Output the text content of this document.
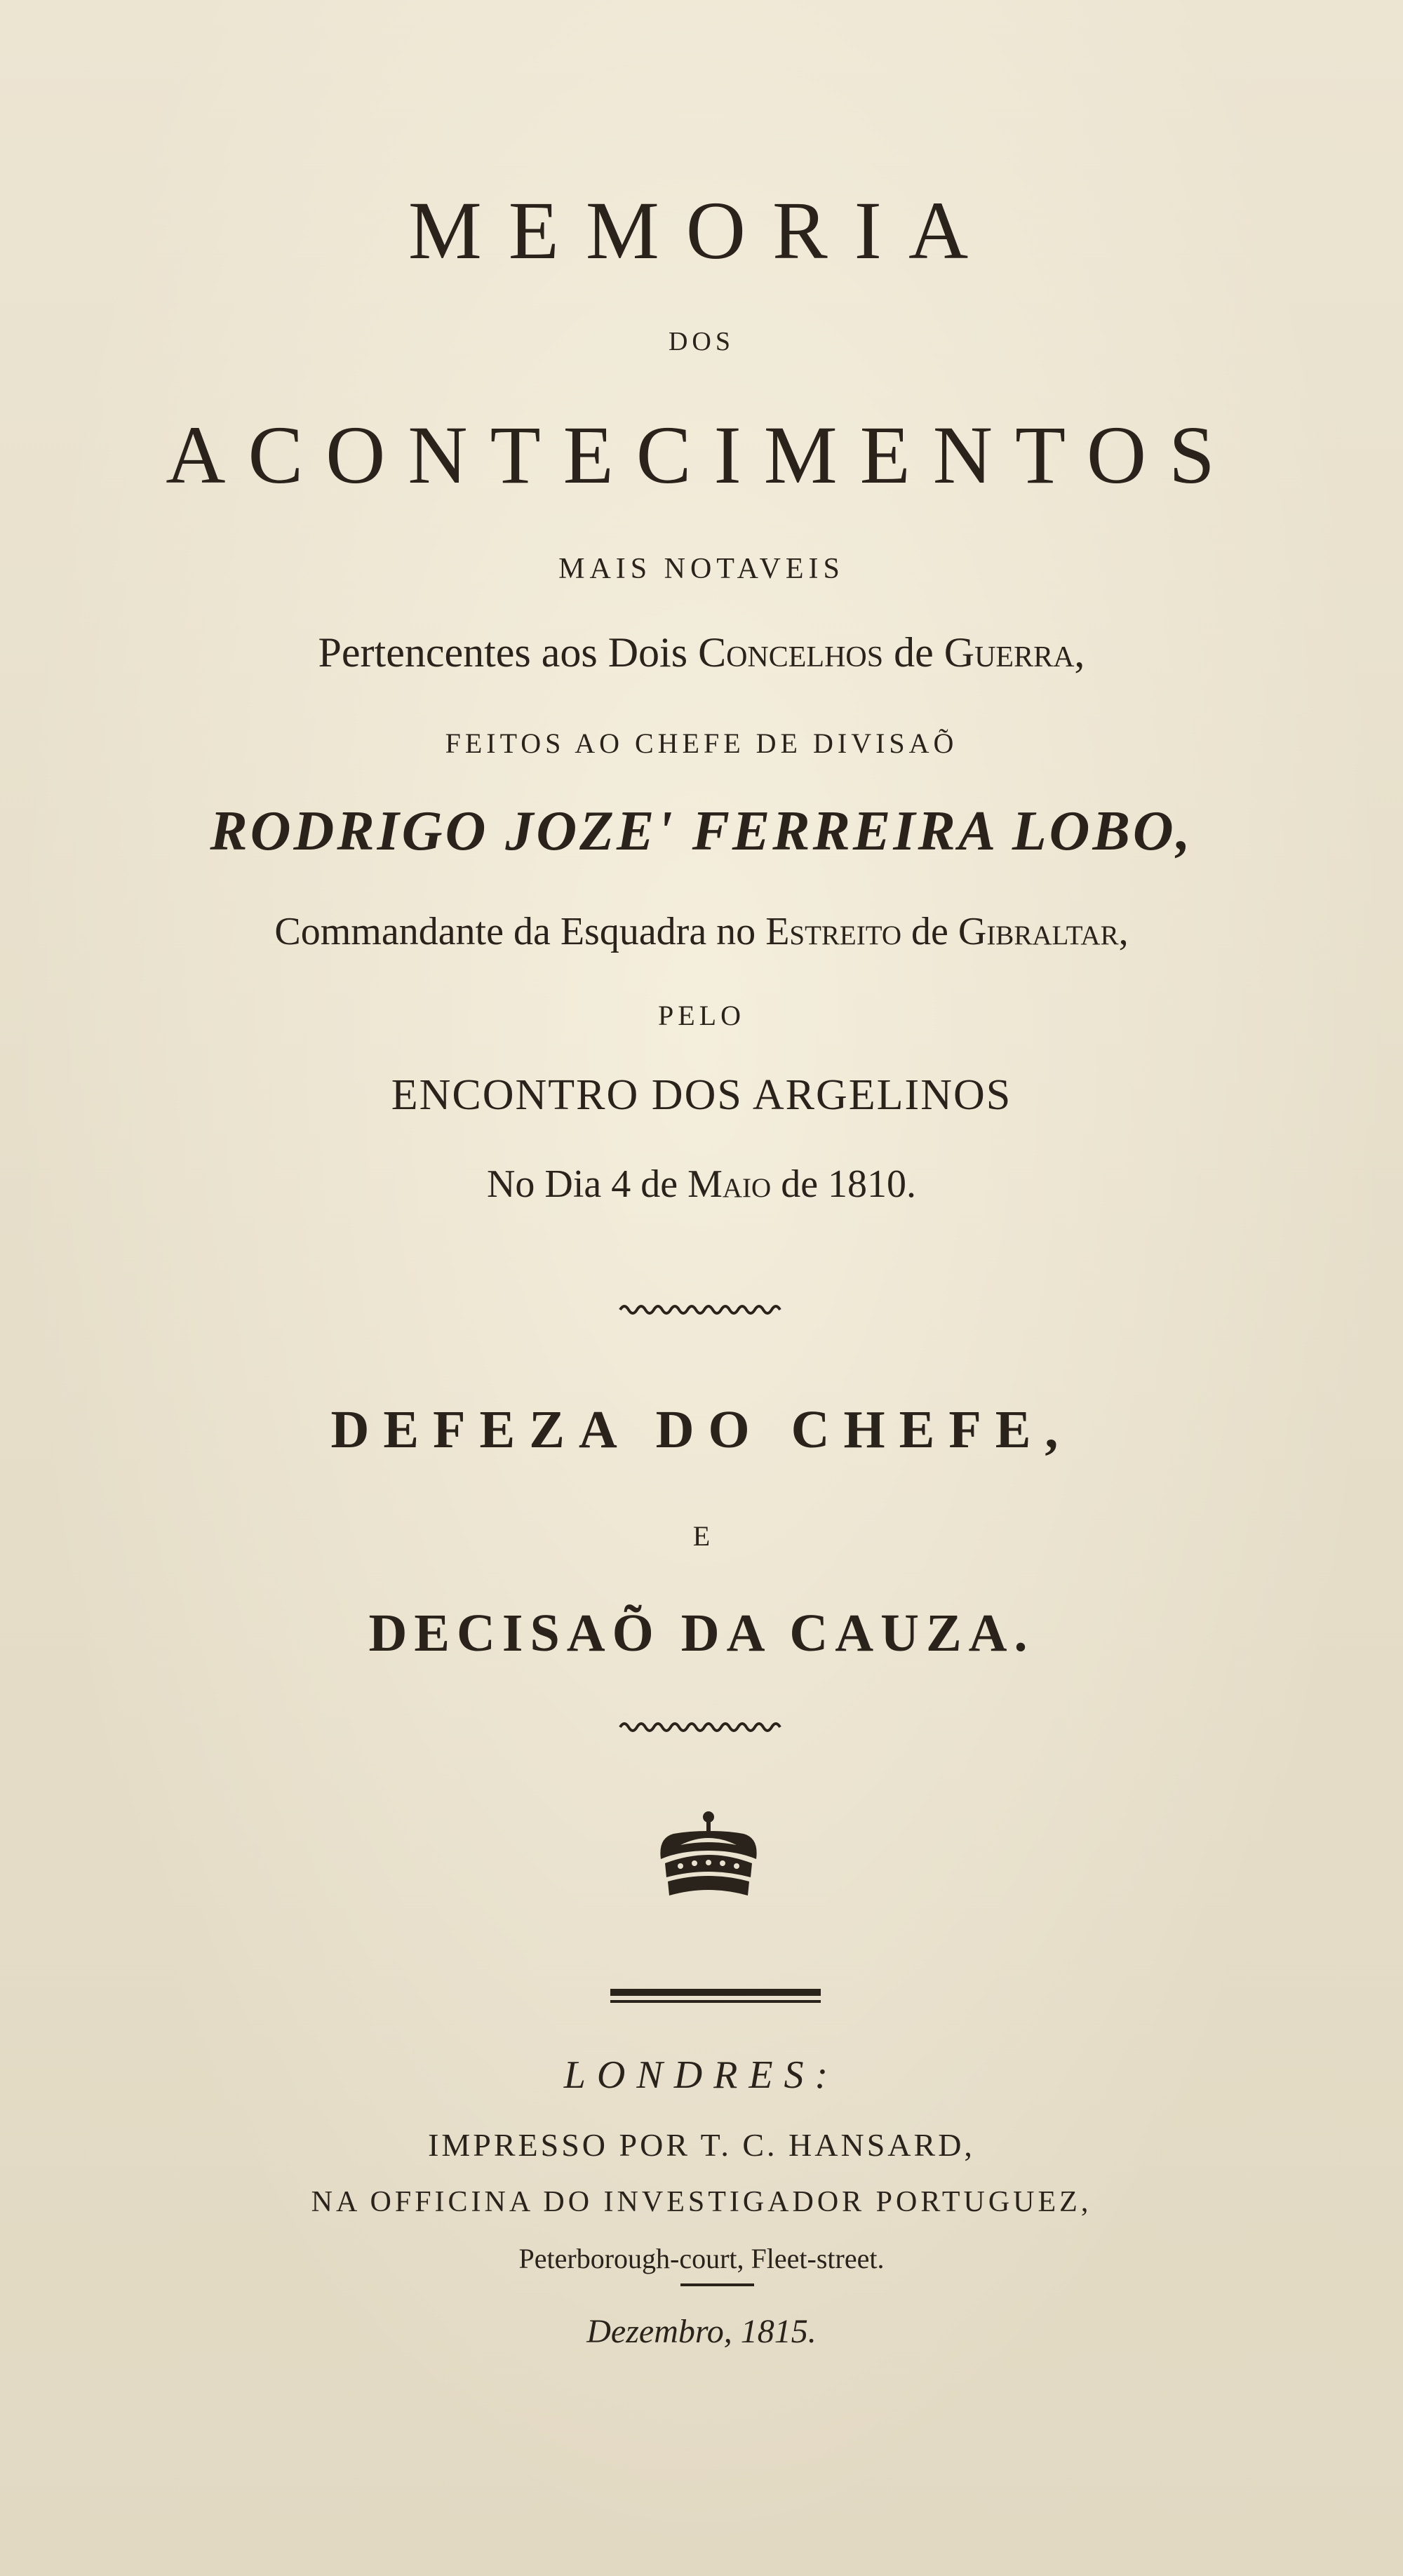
MEMORIA
DOS
ACONTECIMENTOS
MAIS NOTAVEIS
Pertencentes aos Dois Concelhos de Guerra,
FEITOS AO CHEFE DE DIVISAÕ
RODRIGO JOZE' FERREIRA LOBO,
Commandante da Esquadra no Estreito de Gibraltar,
PELO
ENCONTRO DOS ARGELINOS
No Dia 4 de Maio de 1810.
DEFEZA DO CHEFE,
E
DECISAÕ DA CAUZA.
LONDRES:
IMPRESSO POR T. C. HANSARD,
NA OFFICINA DO INVESTIGADOR PORTUGUEZ,
Peterborough-court, Fleet-street.
Dezembro, 1815.
